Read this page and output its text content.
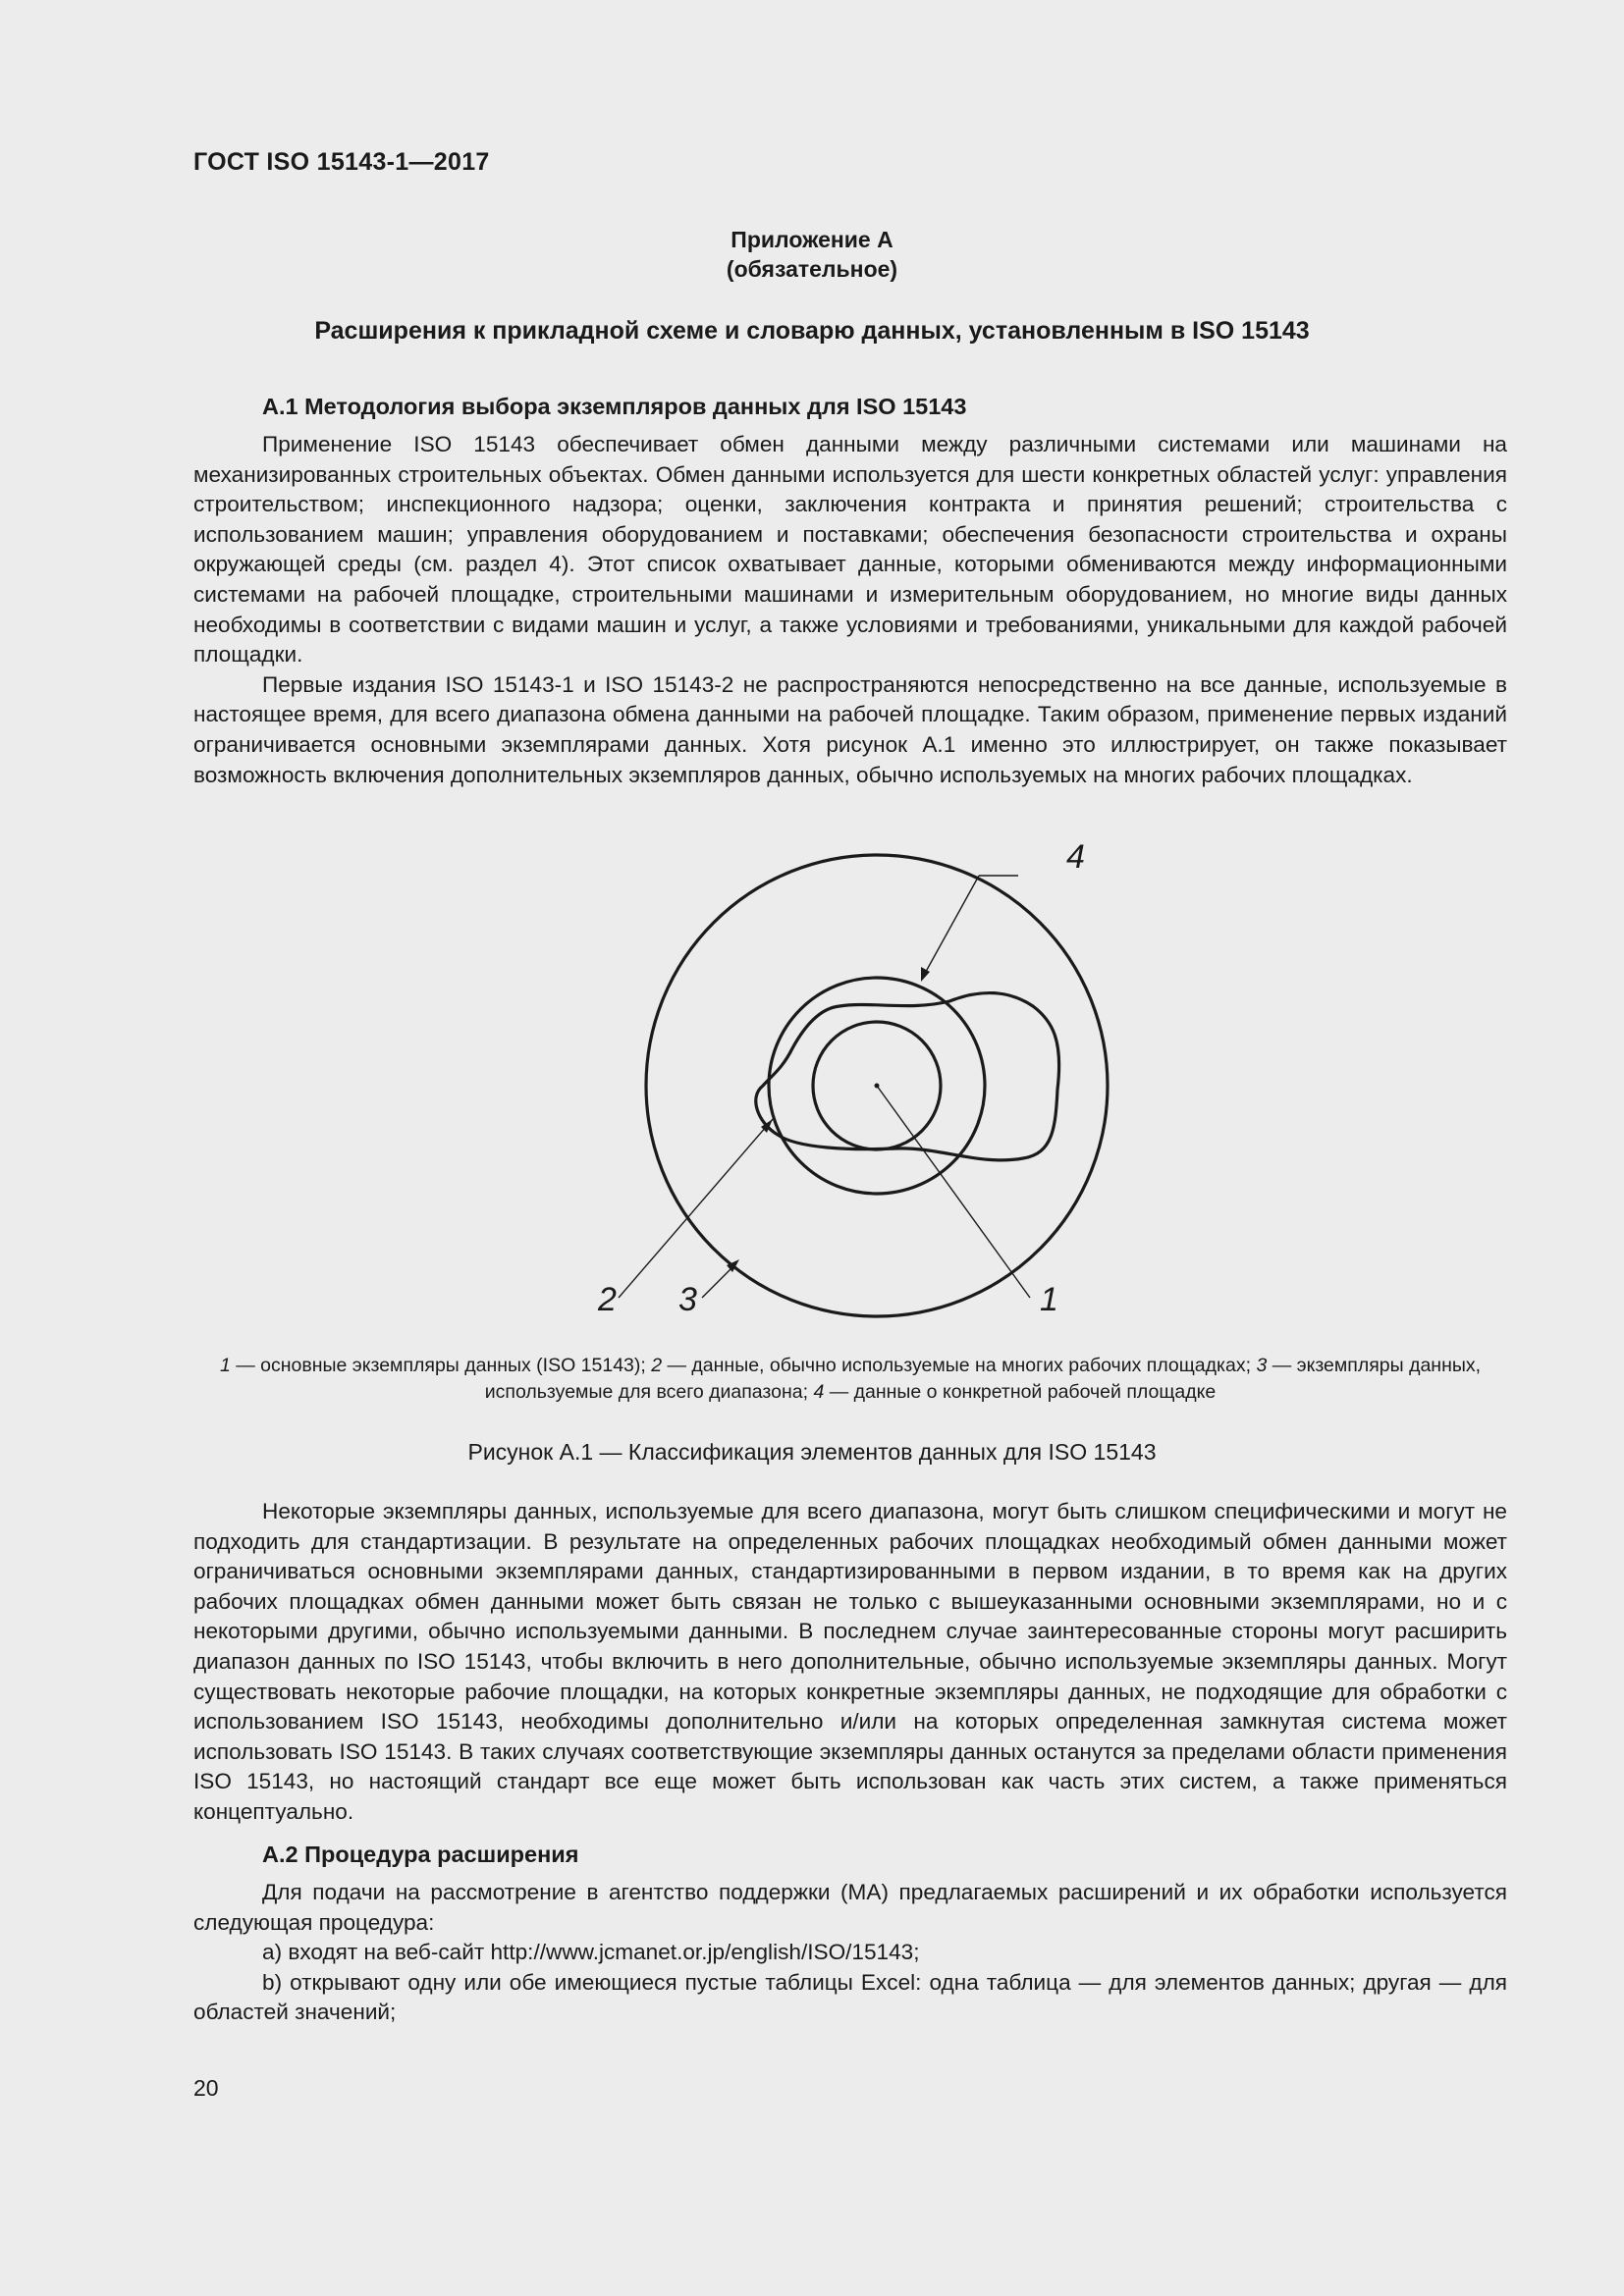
ГОСТ ISO 15143-1—2017
Приложение А
(обязательное)
Расширения к прикладной схеме и словарю данных, установленным в ISO 15143
А.1 Методология выбора экземпляров данных для ISO 15143

Применение ISO 15143 обеспечивает обмен данными между различными системами или машинами на механизированных строительных объектах. Обмен данными используется для шести конкретных областей услуг: управления строительством; инспекционного надзора; оценки, заключения контракта и принятия решений; строительства с использованием машин; управления оборудованием и поставками; обеспечения безопасности строительства и охраны окружающей среды (см. раздел 4). Этот список охватывает данные, которыми обмениваются между информационными системами на рабочей площадке, строительными машинами и измерительным оборудованием, но многие виды данных необходимы в соответствии с видами машин и услуг, а также условиями и требованиями, уникальными для каждой рабочей площадки.

Первые издания ISO 15143-1 и ISO 15143-2 не распространяются непосредственно на все данные, используемые в настоящее время, для всего диапазона обмена данными на рабочей площадке. Таким образом, применение первых изданий ограничивается основными экземплярами данных. Хотя рисунок А.1 именно это иллюстрирует, он также показывает возможность включения дополнительных экземпляров данных, обычно используемых на многих рабочих площадках.

1
2 3
4
1 — основные экземпляры данных (ISO 15143); 2 — данные, обычно используемые на многих рабочих площадках; 3 — экземпляры данных, используемые для всего диапазона; 4 — данные о конкретной рабочей площадке
Рисунок А.1 — Классификация элементов данных для ISO 15143

Некоторые экземпляры данных, используемые для всего диапазона, могут быть слишком специфическими и могут не подходить для стандартизации. В результате на определенных рабочих площадках необходимый обмен данными может ограничиваться основными экземплярами данных, стандартизированными в первом издании, в то время как на других рабочих площадках обмен данными может быть связан не только с вышеуказанными основными экземплярами, но и с некоторыми другими, обычно используемыми данными. В последнем случае заинтересованные стороны могут расширить диапазон данных по ISO 15143, чтобы включить в него дополнительные, обычно используемые экземпляры данных. Могут существовать некоторые рабочие площадки, на которых конкретные экземпляры данных, не подходящие для обработки с использованием ISO 15143, необходимы дополнительно и/или на которых определенная замкнутая система может использовать ISO 15143. В таких случаях соответствующие экземпляры данных останутся за пределами области применения ISO 15143, но настоящий стандарт все еще может быть использован как часть этих систем, а также применяться концептуально.

А.2 Процедура расширения

Для подачи на рассмотрение в агентство поддержки (МА) предлагаемых расширений и их обработки используется следующая процедура:

a) входят на веб-сайт http://www.jcmanet.or.jp/english/ISO/15143;

b) открывают одну или обе имеющиеся пустые таблицы Excel: одна таблица — для элементов данных; другая — для областей значений;

20
